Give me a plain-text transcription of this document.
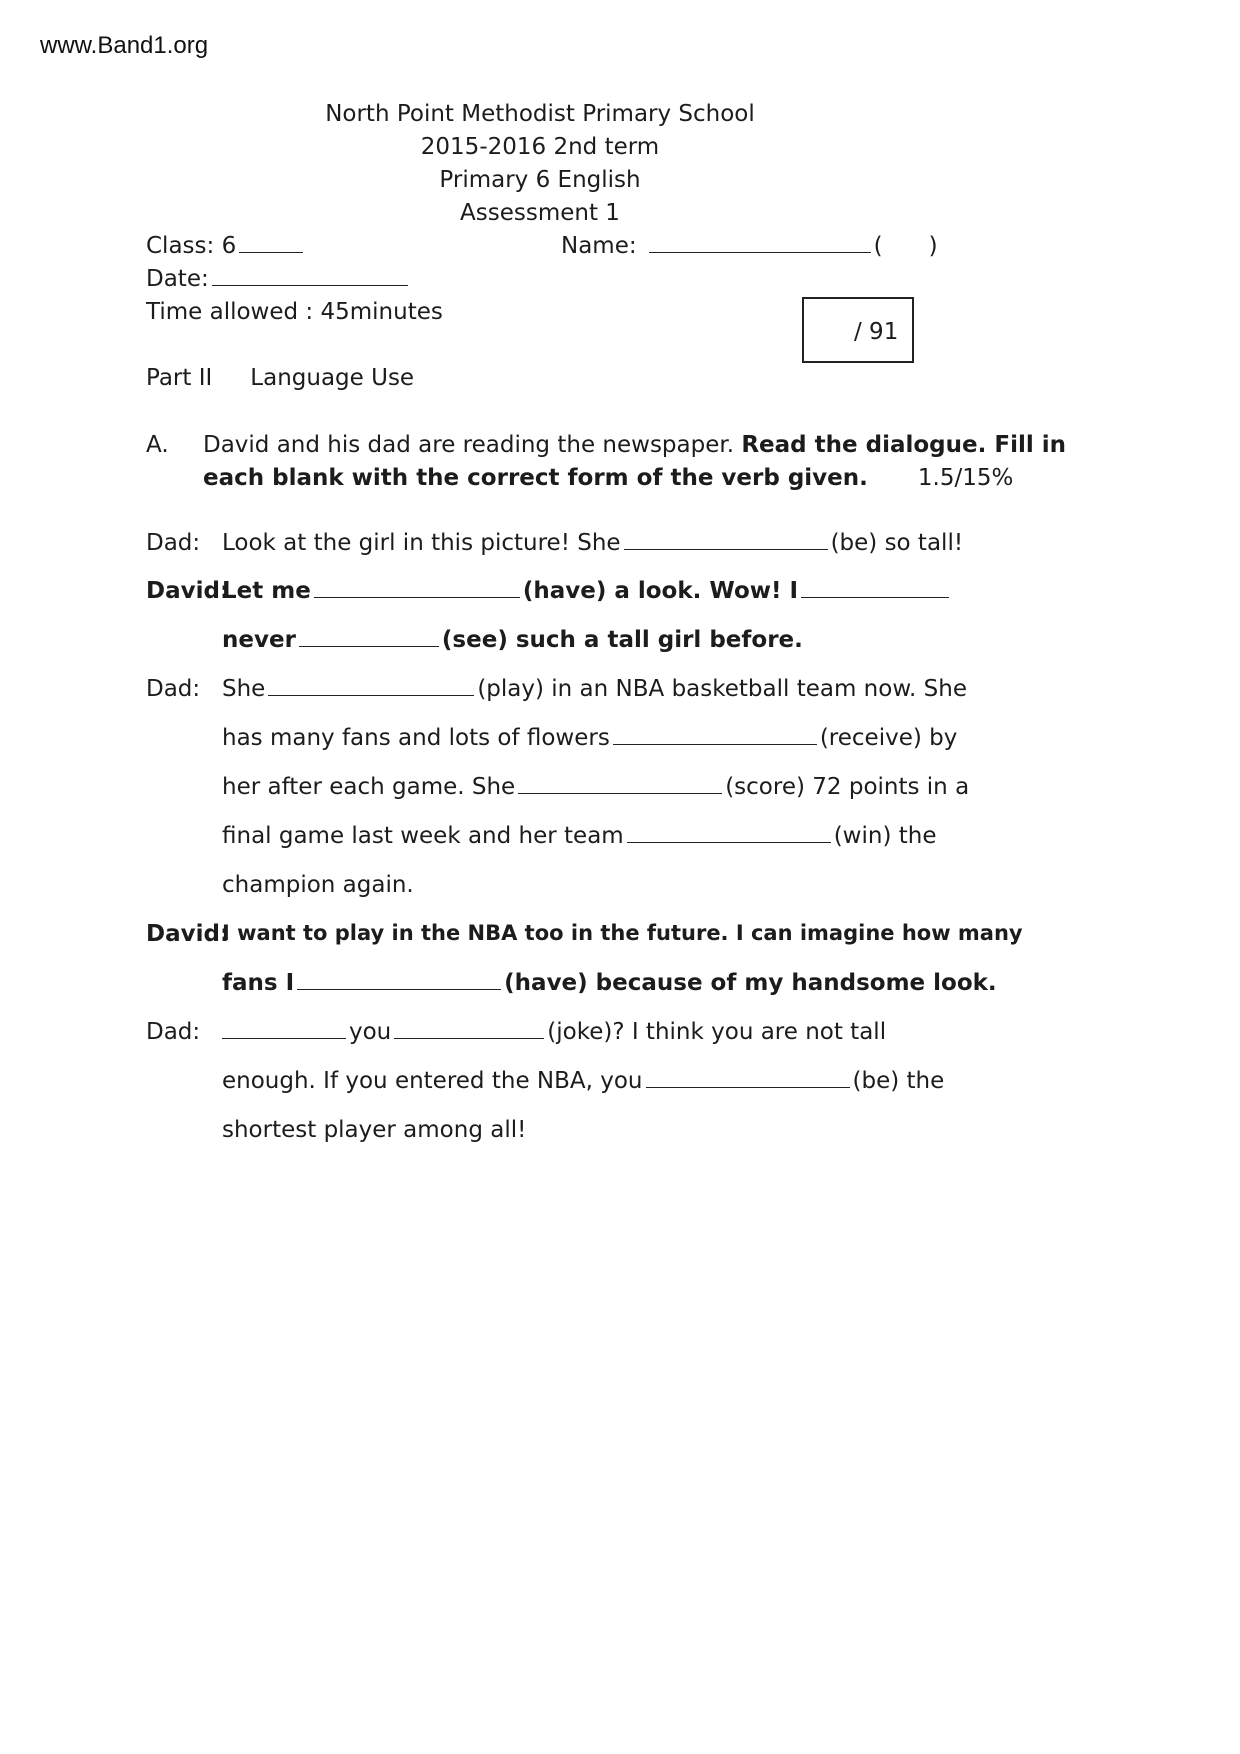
www.Band1.org
North Point Methodist Primary School
2015-2016 2nd term
Primary 6 English
Assessment 1
Class: 6	Name:	( )
Date:
Time allowed : 45minutes
/ 91
Part II Language Use
A. David and his dad are reading the newspaper. Read the dialogue. Fill in
each blank with the correct form of the verb given. 1.5/15%
Dad: Look at the girl in this picture! She	(be) so tall!
David:
Let me	(have) a look. Wow! I
never	(see) such a tall girl before.
Dad: She	(play) in an NBA basketball team now. She
has many fans and lots of flowers	(receive) by
her after each game. She	(score) 72 points in a
final game last week and her team	(win) the
champion again.
David:
I want to play in the NBA too in the future. I can imagine how many
fans I	(have) because of my handsome look.
Dad:	you	(joke)? I think you are not tall
enough. If you entered the NBA, you	(be) the
shortest player among all!
